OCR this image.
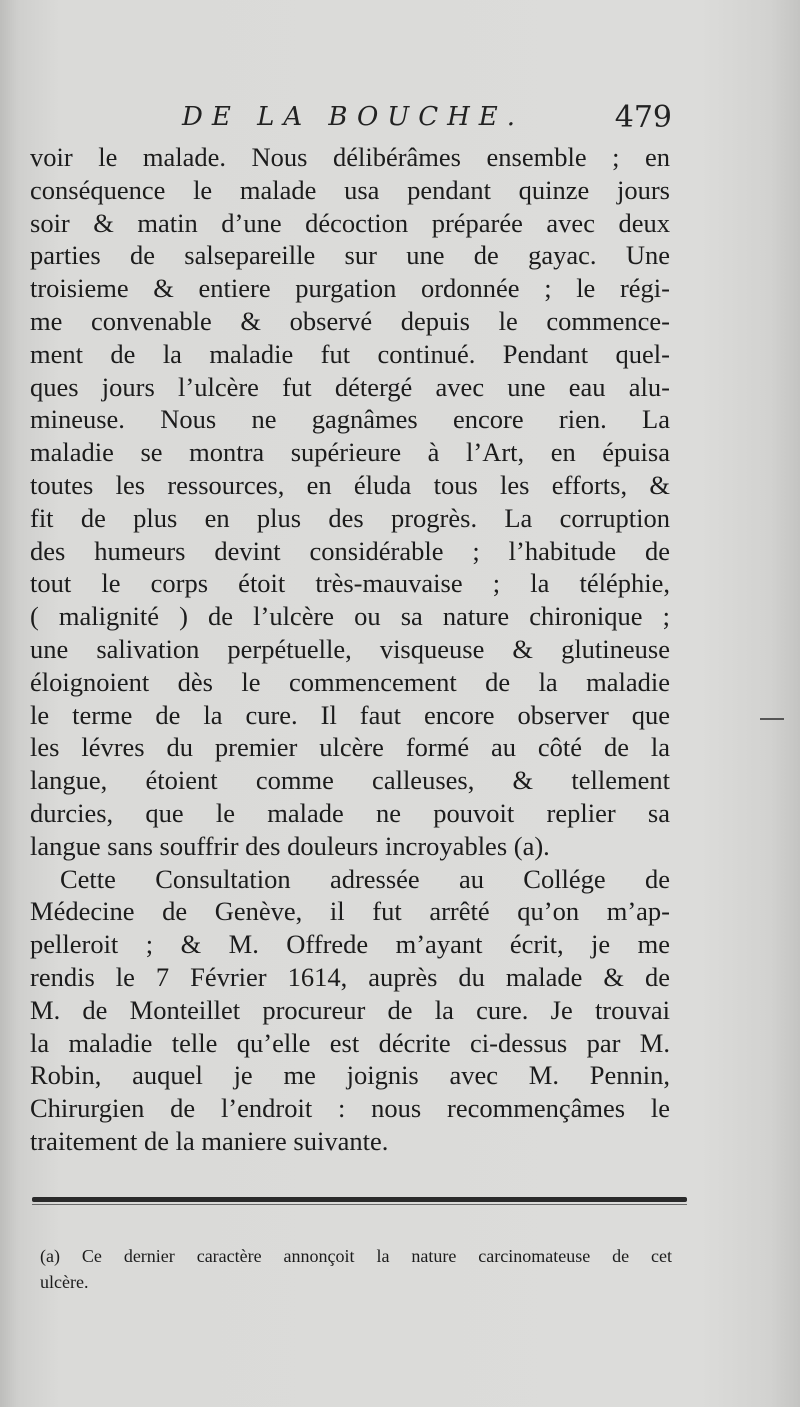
DE LA BOUCHE.	479
voir le malade. Nous délibérâmes ensemble ; en
conséquence le malade usa pendant quinze jours
soir & matin d’une décoction préparée avec deux
parties de salsepareille sur une de gayac. Une
troisieme & entiere purgation ordonnée ; le régi-
me convenable & observé depuis le commence-
ment de la maladie fut continué. Pendant quel-
ques jours l’ulcère fut détergé avec une eau alu-
mineuse. Nous ne gagnâmes encore rien. La
maladie se montra supérieure à l’Art, en épuisa
toutes les ressources, en éluda tous les efforts, &
fit de plus en plus des progrès. La corruption
des humeurs devint considérable ; l’habitude de
tout le corps étoit très-mauvaise ; la téléphie,
( malignité ) de l’ulcère ou sa nature chironique ;
une salivation perpétuelle, visqueuse & glutineuse
éloignoient dès le commencement de la maladie
le terme de la cure. Il faut encore observer que
les lévres du premier ulcère formé au côté de la
langue, étoient comme calleuses, & tellement
durcies, que le malade ne pouvoit replier sa
langue sans souffrir des douleurs incroyables (a).
Cette Consultation adressée au Collége de
Médecine de Genève, il fut arrêté qu’on m’ap-
pelleroit ; & M. Offrede m’ayant écrit, je me
rendis le 7 Février 1614, auprès du malade & de
M. de Monteillet procureur de la cure. Je trouvai
la maladie telle qu’elle est décrite ci-dessus par M.
Robin, auquel je me joignis avec M. Pennin,
Chirurgien de l’endroit : nous recommençâmes le
traitement de la maniere suivante.
(a) Ce dernier caractère annonçoit la nature carcinomateuse de cet
ulcère.
